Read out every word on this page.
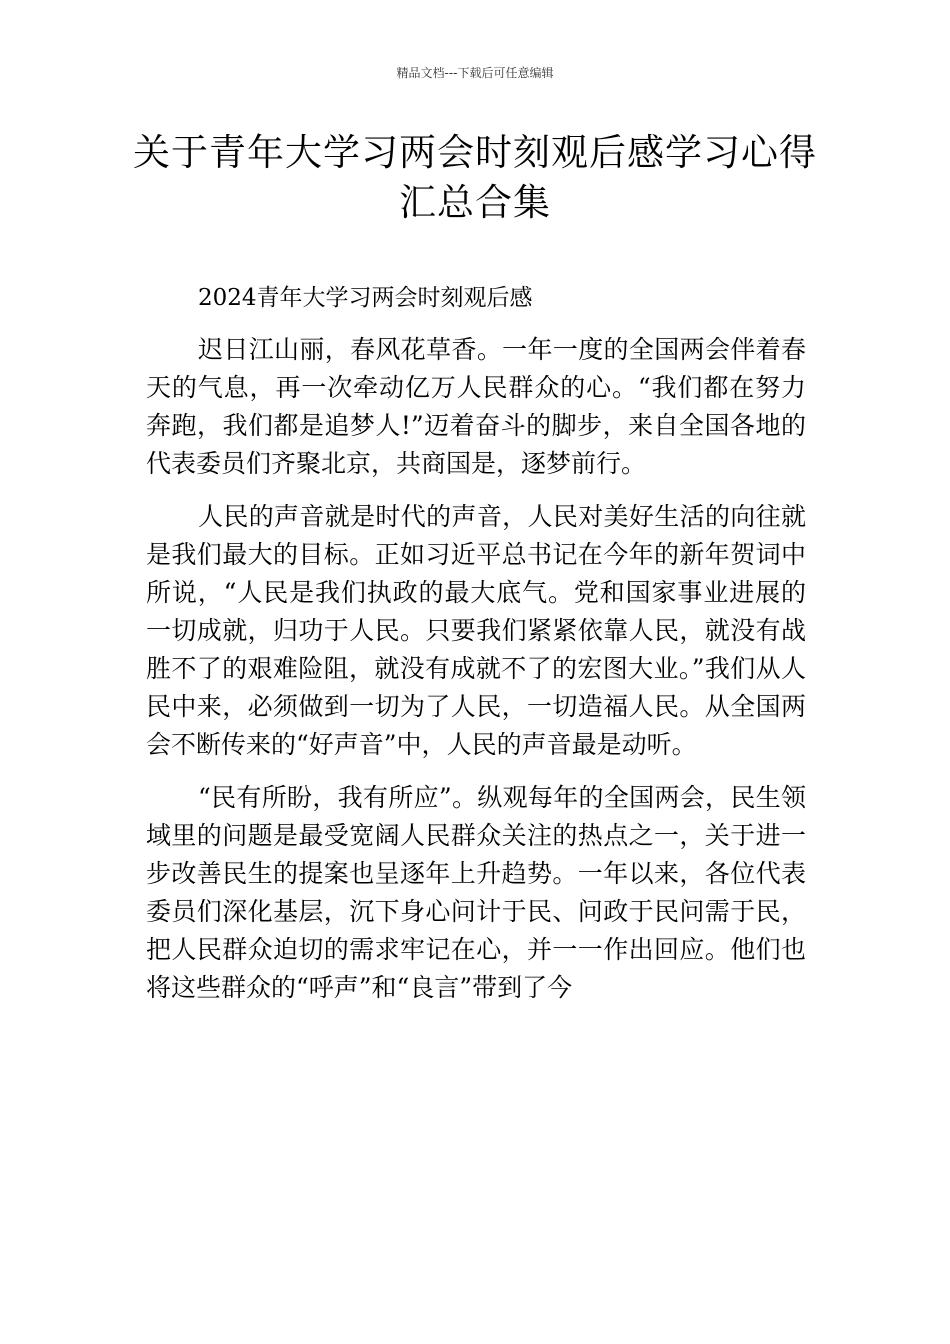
精品文档---下载后可任意编辑
关于青年大学习两会时刻观后感学习心得汇总合集

2024青年大学习两会时刻观后感

迟日江山丽，春风花草香。一年一度的全国两会伴着春天的气息，再一次牵动亿万人民群众的心。“我们都在努力奔跑，我们都是追梦人!”迈着奋斗的脚步，来自全国各地的代表委员们齐聚北京，共商国是，逐梦前行。

人民的声音就是时代的声音，人民对美好生活的向往就是我们最大的目标。正如习近平总书记在今年的新年贺词中所说，“人民是我们执政的最大底气。党和国家事业进展的一切成就，归功于人民。只要我们紧紧依靠人民，就没有战胜不了的艰难险阻，就没有成就不了的宏图大业。”我们从人民中来，必须做到一切为了人民，一切造福人民。从全国两会不断传来的“好声音”中，人民的声音最是动听。

“民有所盼，我有所应”。纵观每年的全国两会，民生领域里的问题是最受宽阔人民群众关注的热点之一，关于进一步改善民生的提案也呈逐年上升趋势。一年以来，各位代表委员们深化基层，沉下身心问计于民、问政于民问需于民，把人民群众迫切的需求牢记在心，并一一作出回应。他们也将这些群众的“呼声”和“良言”带到了今
